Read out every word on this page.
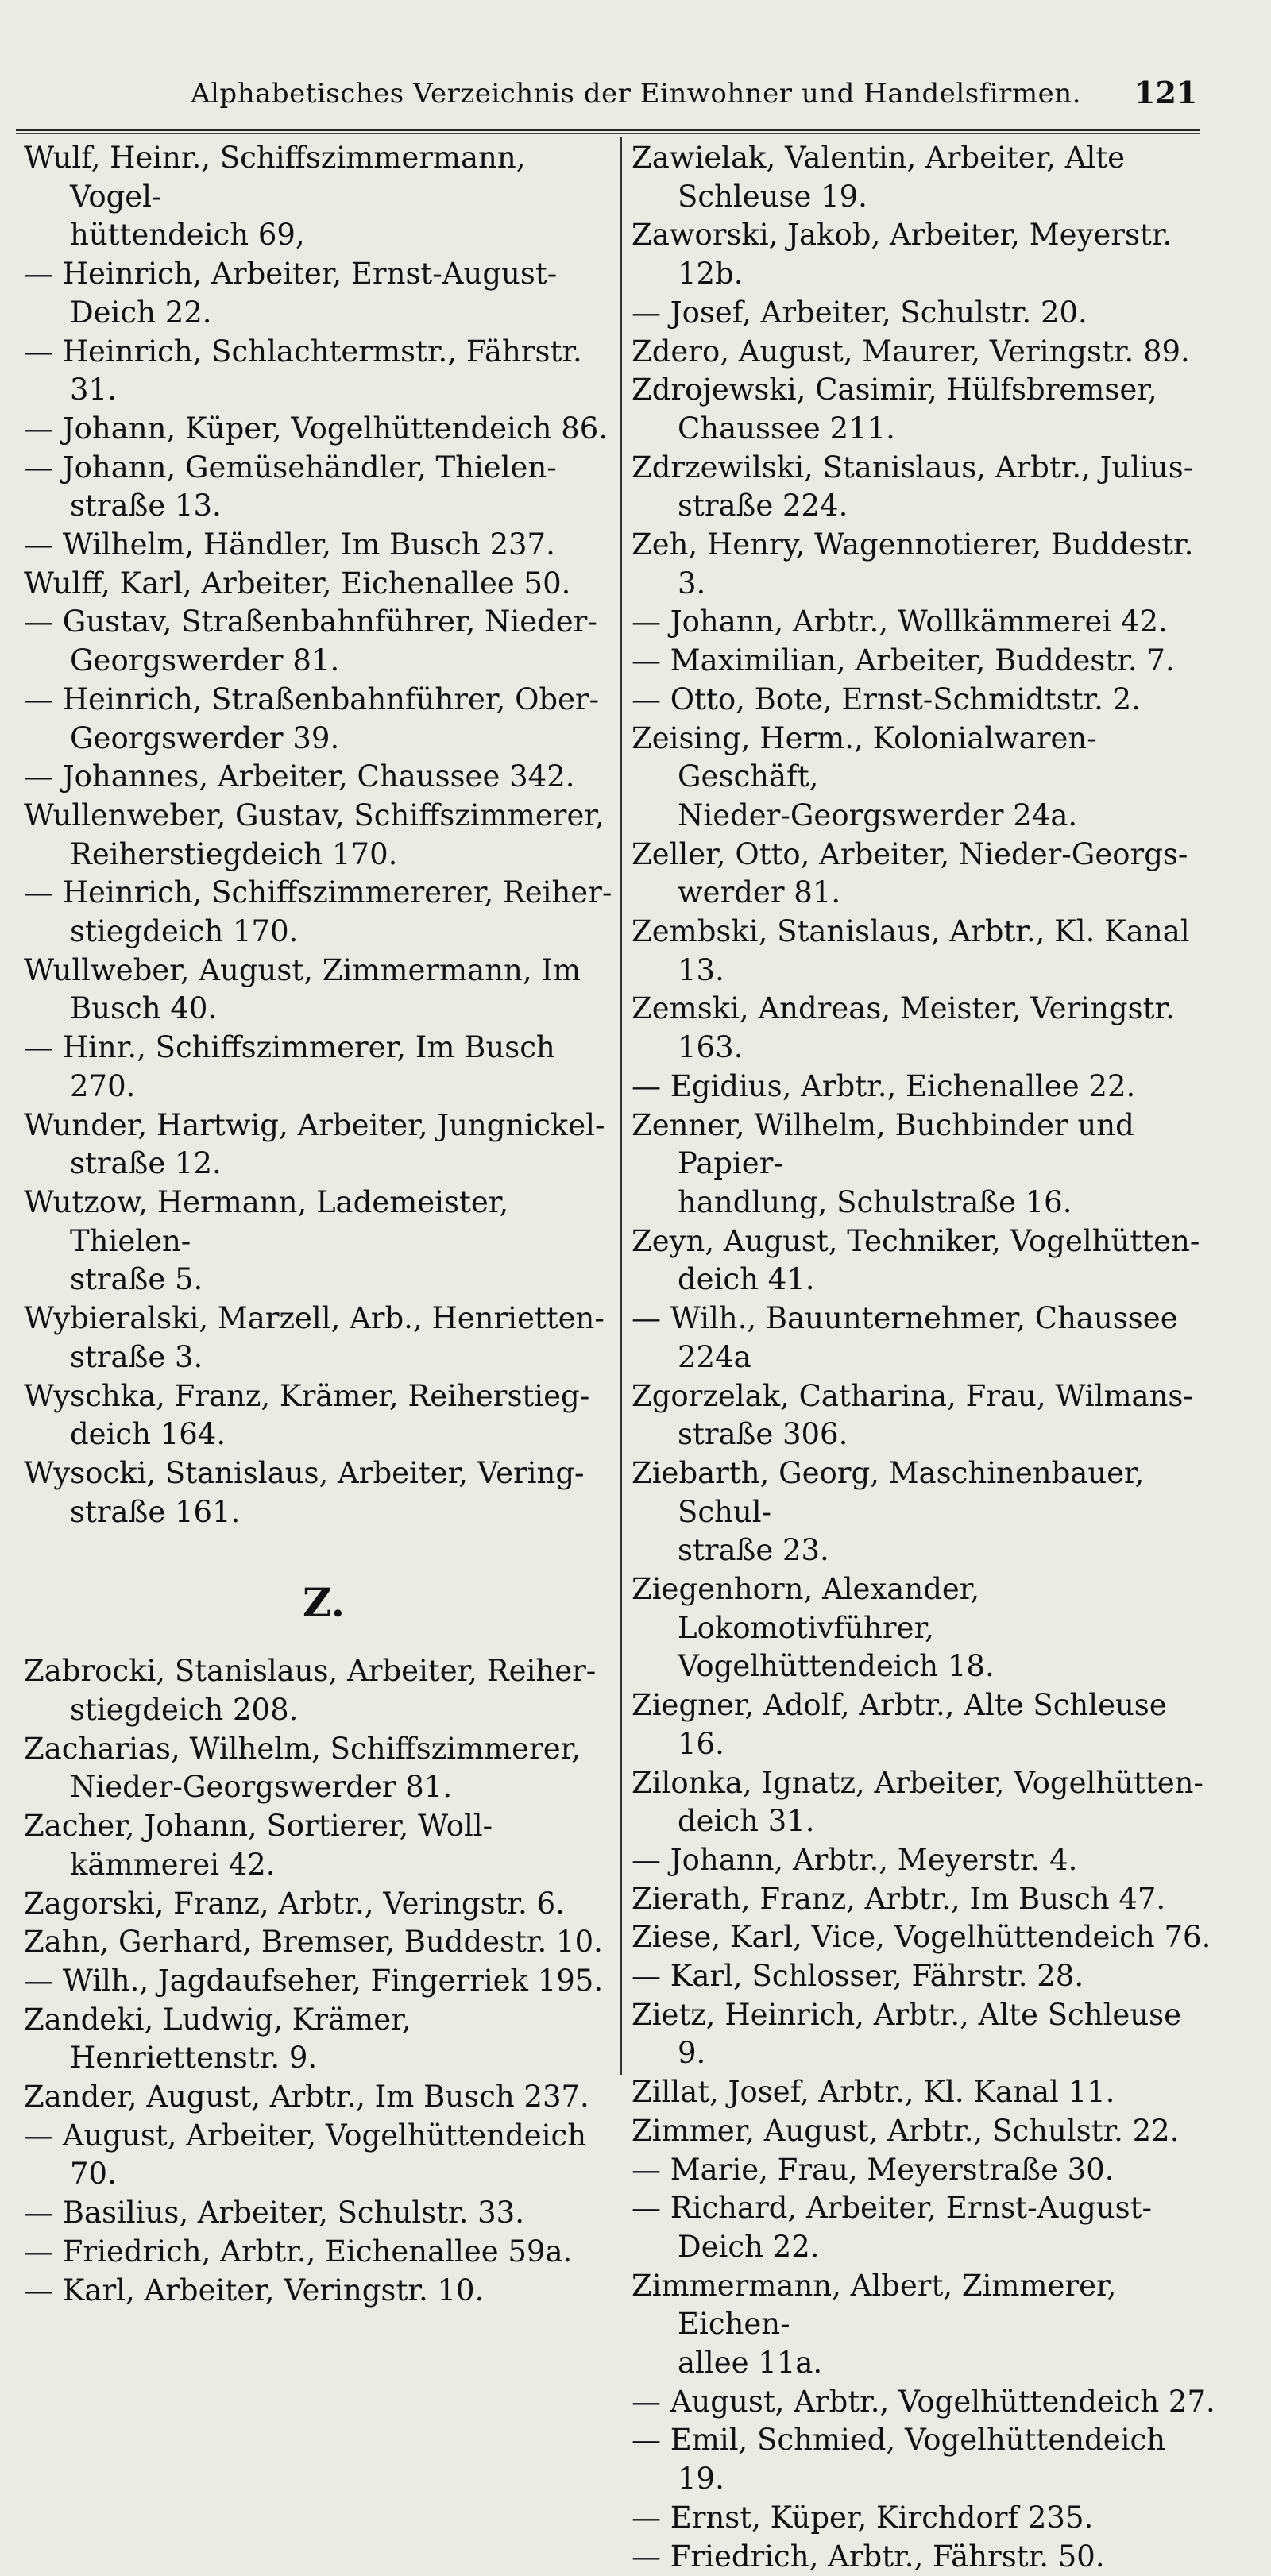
Alphabetisches Verzeichnis der Einwohner und Handelsfirmen. 121
Wulf, Heinr., Schiffszimmermann, Vogel-
hüttendeich 69,
— Heinrich, Arbeiter, Ernst-August-
Deich 22.
— Heinrich, Schlachtermstr., Fährstr. 31.
— Johann, Küper, Vogelhüttendeich 86.
— Johann, Gemüsehändler, Thielen-
straße 13.
— Wilhelm, Händler, Im Busch 237.
Wulff, Karl, Arbeiter, Eichenallee 50.
— Gustav, Straßenbahnführer, Nieder-
Georgswerder 81.
— Heinrich, Straßenbahnführer, Ober-
Georgswerder 39.
— Johannes, Arbeiter, Chaussee 342.
Wullenweber, Gustav, Schiffszimmerer,
Reiherstiegdeich 170.
— Heinrich, Schiffszimmererer, Reiher-
stiegdeich 170.
Wullweber, August, Zimmermann, Im
Busch 40.
— Hinr., Schiffszimmerer, Im Busch 270.
Wunder, Hartwig, Arbeiter, Jungnickel-
straße 12.
Wutzow, Hermann, Lademeister, Thielen-
straße 5.
Wybieralski, Marzell, Arb., Henrietten-
straße 3.
Wyschka, Franz, Krämer, Reiherstieg-
deich 164.
Wysocki, Stanislaus, Arbeiter, Vering-
straße 161.
Z.
Zabrocki, Stanislaus, Arbeiter, Reiher-
stiegdeich 208.
Zacharias, Wilhelm, Schiffszimmerer,
Nieder-Georgswerder 81.
Zacher, Johann, Sortierer, Woll-
kämmerei 42.
Zagorski, Franz, Arbtr., Veringstr. 6.
Zahn, Gerhard, Bremser, Buddestr. 10.
— Wilh., Jagdaufseher, Fingerriek 195.
Zandeki, Ludwig, Krämer, Henriettenstr. 9.
Zander, August, Arbtr., Im Busch 237.
— August, Arbeiter, Vogelhüttendeich 70.
— Basilius, Arbeiter, Schulstr. 33.
— Friedrich, Arbtr., Eichenallee 59a.
— Karl, Arbeiter, Veringstr. 10.
Zawielak, Valentin, Arbeiter, Alte
Schleuse 19.
Zaworski, Jakob, Arbeiter, Meyerstr. 12b.
— Josef, Arbeiter, Schulstr. 20.
Zdero, August, Maurer, Veringstr. 89.
Zdrojewski, Casimir, Hülfsbremser,
Chaussee 211.
Zdrzewilski, Stanislaus, Arbtr., Julius-
straße 224.
Zeh, Henry, Wagennotierer, Buddestr. 3.
— Johann, Arbtr., Wollkämmerei 42.
— Maximilian, Arbeiter, Buddestr. 7.
— Otto, Bote, Ernst-Schmidtstr. 2.
Zeising, Herm., Kolonialwaren-Geschäft,
Nieder-Georgswerder 24a.
Zeller, Otto, Arbeiter, Nieder-Georgs-
werder 81.
Zembski, Stanislaus, Arbtr., Kl. Kanal 13.
Zemski, Andreas, Meister, Veringstr. 163.
— Egidius, Arbtr., Eichenallee 22.
Zenner, Wilhelm, Buchbinder und Papier-
handlung, Schulstraße 16.
Zeyn, August, Techniker, Vogelhütten-
deich 41.
— Wilh., Bauunternehmer, Chaussee 224a
Zgorzelak, Catharina, Frau, Wilmans-
straße 306.
Ziebarth, Georg, Maschinenbauer, Schul-
straße 23.
Ziegenhorn, Alexander, Lokomotivführer,
Vogelhüttendeich 18.
Ziegner, Adolf, Arbtr., Alte Schleuse 16.
Zilonka, Ignatz, Arbeiter, Vogelhütten-
deich 31.
— Johann, Arbtr., Meyerstr. 4.
Zierath, Franz, Arbtr., Im Busch 47.
Ziese, Karl, Vice, Vogelhüttendeich 76.
— Karl, Schlosser, Fährstr. 28.
Zietz, Heinrich, Arbtr., Alte Schleuse 9.
Zillat, Josef, Arbtr., Kl. Kanal 11.
Zimmer, August, Arbtr., Schulstr. 22.
— Marie, Frau, Meyerstraße 30.
— Richard, Arbeiter, Ernst-August-
Deich 22.
Zimmermann, Albert, Zimmerer, Eichen-
allee 11a.
— August, Arbtr., Vogelhüttendeich 27.
— Emil, Schmied, Vogelhüttendeich 19.
— Ernst, Küper, Kirchdorf 235.
— Friedrich, Arbtr., Fährstr. 50.
